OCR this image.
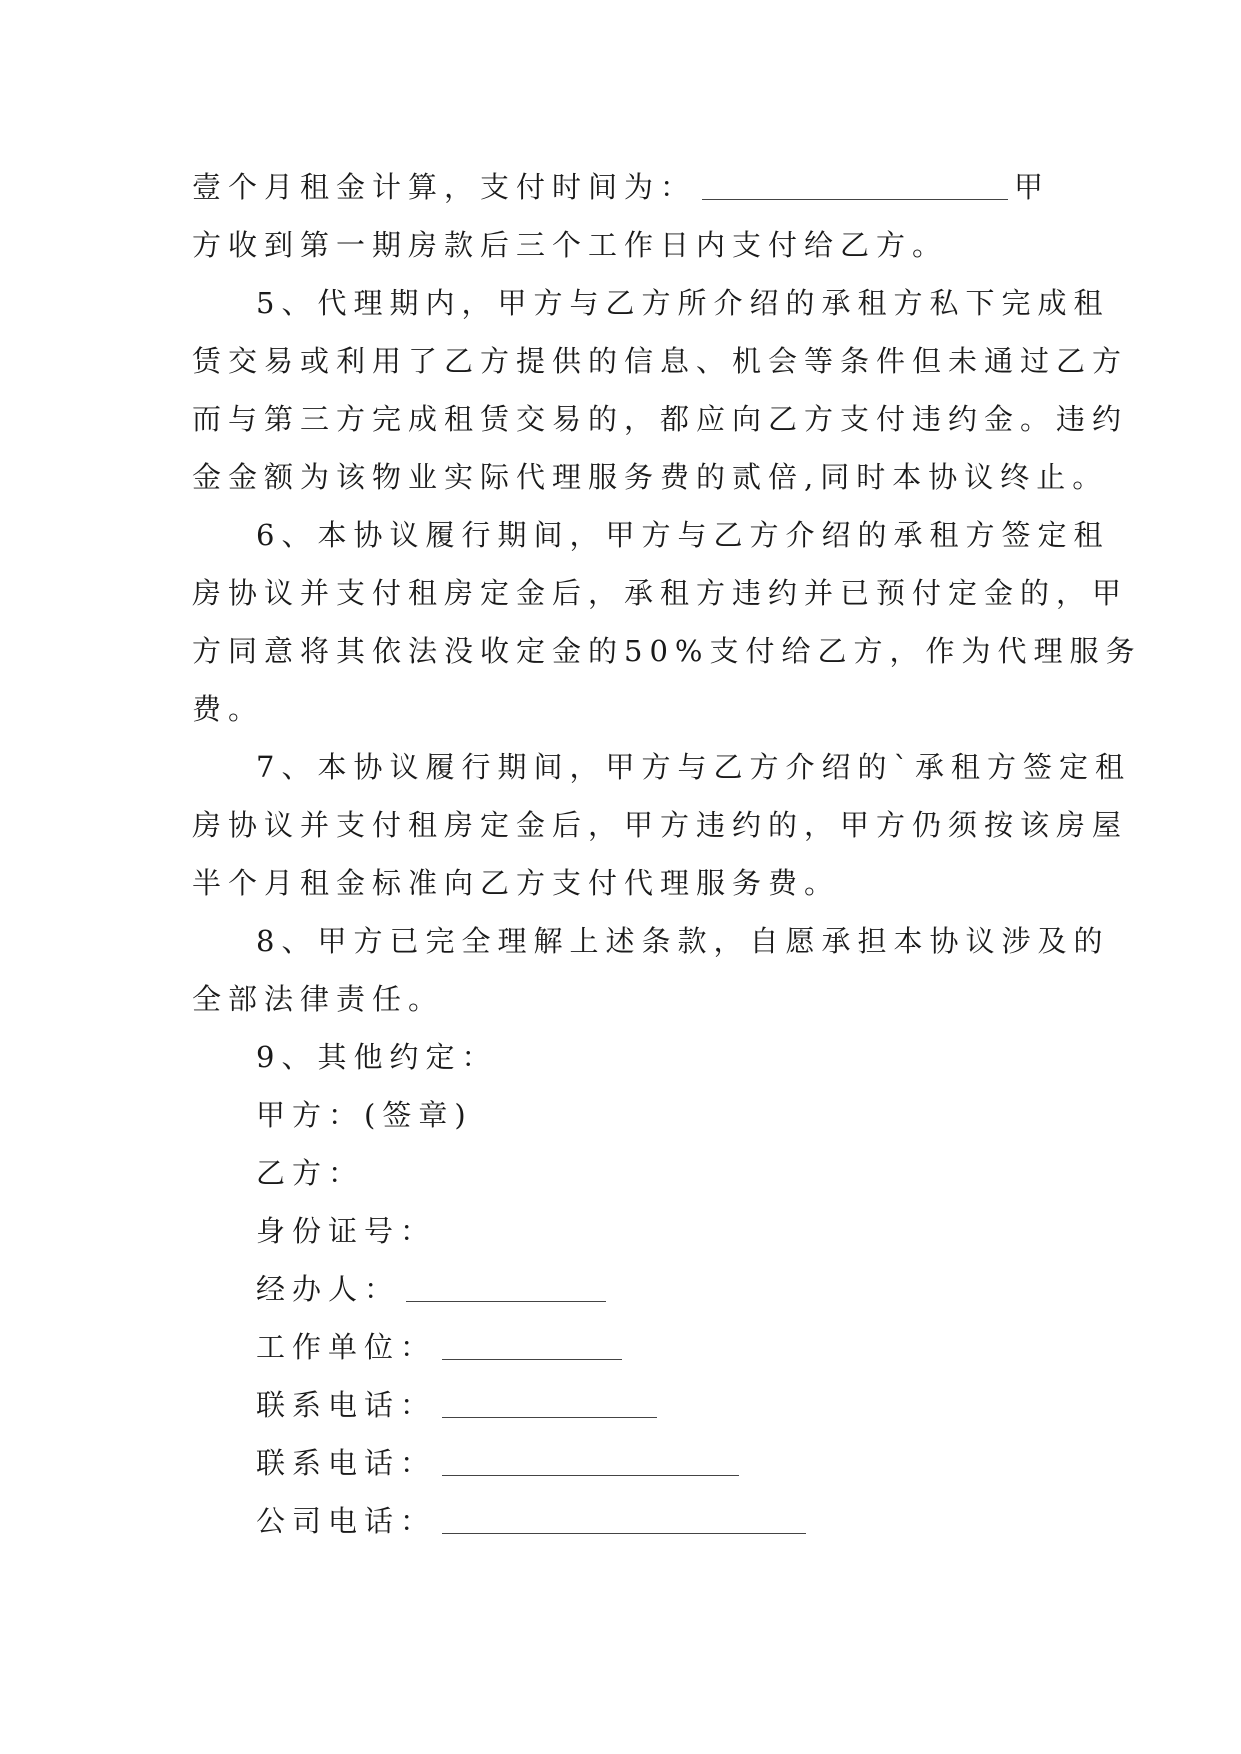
壹个月租金计算，支付时间为：	甲
方收到第一期房款后三个工作日内支付给乙方。
5、代理期内，甲方与乙方所介绍的承租方私下完成租
赁交易或利用了乙方提供的信息、机会等条件但未通过乙方
而与第三方完成租赁交易的，都应向乙方支付违约金。违约
金金额为该物业实际代理服务费的贰倍,同时本协议终止。
6、本协议履行期间，甲方与乙方介绍的承租方签定租
房协议并支付租房定金后，承租方违约并已预付定金的，甲
方同意将其依法没收定金的50%支付给乙方，作为代理服务
费。
7、本协议履行期间，甲方与乙方介绍的`承租方签定租
房协议并支付租房定金后，甲方违约的，甲方仍须按该房屋
半个月租金标准向乙方支付代理服务费。
8、甲方已完全理解上述条款，自愿承担本协议涉及的
全部法律责任。
9、其他约定：
甲方：(签章)
乙方：
身份证号：
经办人：
工作单位：
联系电话：
联系电话：
公司电话：
